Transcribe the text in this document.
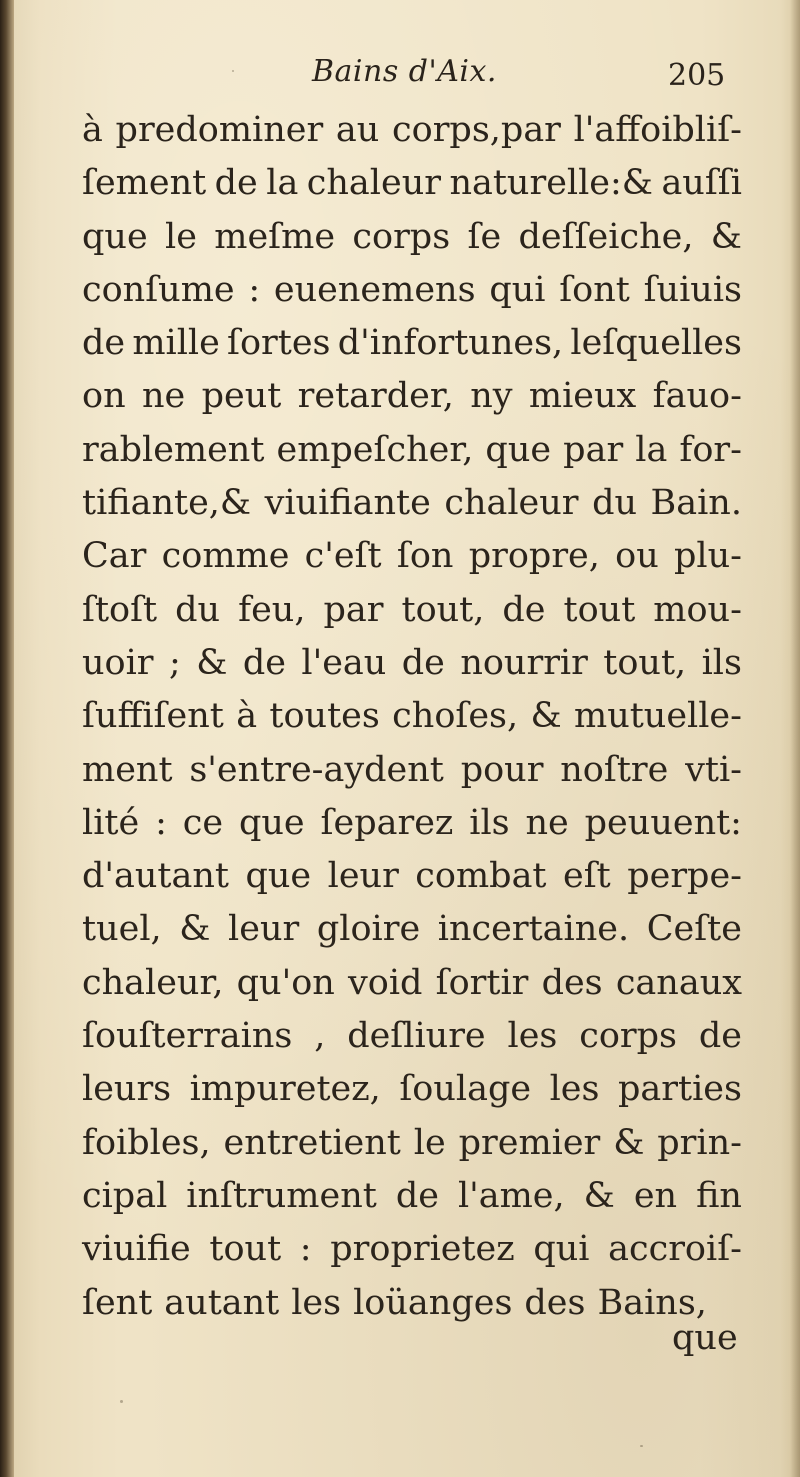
Bains d'Aix.	205
à predominer au corps,par l'affoibliſ-
ſement de la chaleur naturelle:& auſſi
que le meſme corps ſe deſſeiche, &
conſume : euenemens qui ſont ſuiuis
de mille ſortes d'infortunes, leſquelles
on ne peut retarder, ny mieux fauo-
rablement empeſcher, que par la for-
tifiante,& viuifiante chaleur du Bain.
Car comme c'eſt ſon propre, ou plu-
ſtoſt du feu, par tout, de tout mou-
uoir ; & de l'eau de nourrir tout, ils
ſuffiſent à toutes choſes, & mutuelle-
ment s'entre-aydent pour noſtre vti-
lité : ce que ſeparez ils ne peuuent:
d'autant que leur combat eſt perpe-
tuel, & leur gloire incertaine. Ceſte
chaleur, qu'on void ſortir des canaux
ſouſterrains , deſliure les corps de
leurs impuretez, ſoulage les parties
foibles, entretient le premier & prin-
cipal inſtrument de l'ame, & en fin
viuifie tout : proprietez qui accroiſ-
ſent autant les loüanges des Bains,
que
